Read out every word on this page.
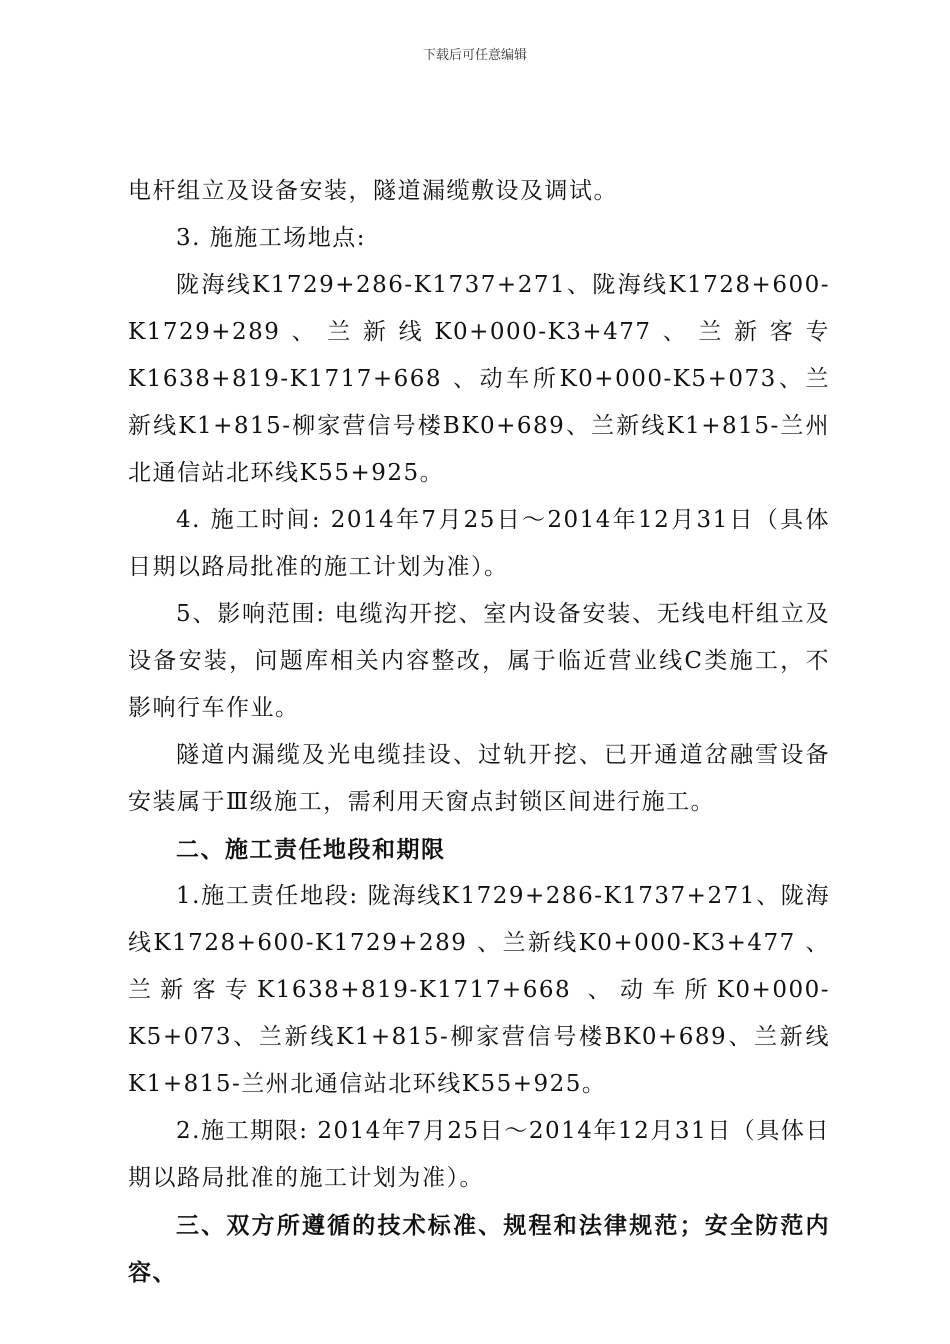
下载后可任意编辑

电杆组立及设备安装，隧道漏缆敷设及调试。

3. 施施工场地点:

陇海线K1729+286-K1737+271、陇海线K1728+600-K1729+289、兰新线K0+000-K3+477、兰新客专K1638+819-K1717+668 、动车所K0+000-K5+073、兰新线K1+815-柳家营信号楼BK0+689、兰新线K1+815-兰州北通信站北环线K55+925。

4. 施工时间: 2014年7月25日～2014年12月31日（具体日期以路局批准的施工计划为准）。

5、影响范围: 电缆沟开挖、室内设备安装、无线电杆组立及设备安装，问题库相关内容整改，属于临近营业线C类施工，不影响行车作业。

隧道内漏缆及光电缆挂设、过轨开挖、已开通道岔融雪设备安装属于Ⅲ级施工，需利用天窗点封锁区间进行施工。

二、施工责任地段和期限

1.施工责任地段: 陇海线K1729+286-K1737+271、陇海线K1728+600-K1729+289 、兰新线K0+000-K3+477 、兰新客专K1638+819-K1717+668 、动车所K0+000-K5+073、兰新线K1+815-柳家营信号楼BK0+689、兰新线K1+815-兰州北通信站北环线K55+925。

2.施工期限: 2014年7月25日～2014年12月31日（具体日期以路局批准的施工计划为准）。

三、双方所遵循的技术标准、规程和法律规范；安全防范内容、
